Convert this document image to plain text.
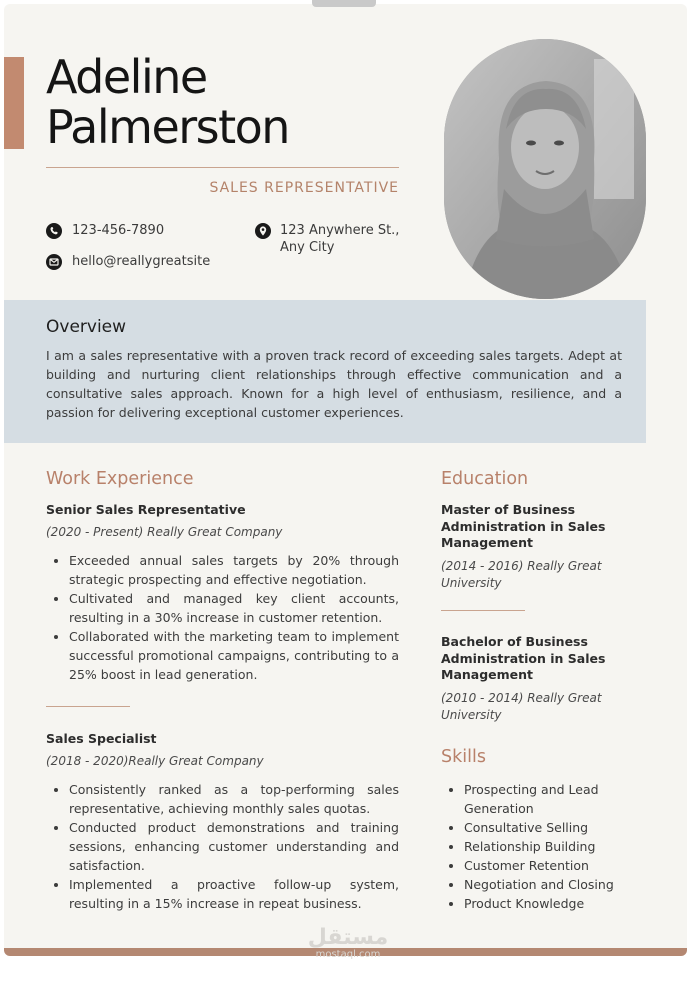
Adeline
Palmerston
SALES REPRESENTATIVE
123-456-7890
hello@reallygreatsite
123 Anywhere St.,
Any City
Overview

I am a sales representative with a proven track record of exceeding sales targets. Adept at building and nurturing client relationships through effective communication and a consultative sales approach. Known for a high level of enthusiasm, resilience, and a passion for delivering exceptional customer experiences.

Work Experience
Senior Sales Representative
(2020 - Present) Really Great Company
• Exceeded annual sales targets by 20% through strategic prospecting and effective negotiation.
• Cultivated and managed key client accounts, resulting in a 30% increase in customer retention.
• Collaborated with the marketing team to implement successful promotional campaigns, contributing to a 25% boost in lead generation.
Sales Specialist
(2018 - 2020)Really Great Company
• Consistently ranked as a top-performing sales representative, achieving monthly sales quotas.
• Conducted product demonstrations and training sessions, enhancing customer understanding and satisfaction.
• Implemented a proactive follow-up system, resulting in a 15% increase in repeat business.
Education
Master of Business Administration in Sales Management
(2014 - 2016) Really Great University
Bachelor of Business Administration in Sales Management
(2010 - 2014) Really Great University
Skills
• Prospecting and Lead Generation
• Consultative Selling
• Relationship Building
• Customer Retention
• Negotiation and Closing
• Product Knowledge
مستقل
mostaql.com
